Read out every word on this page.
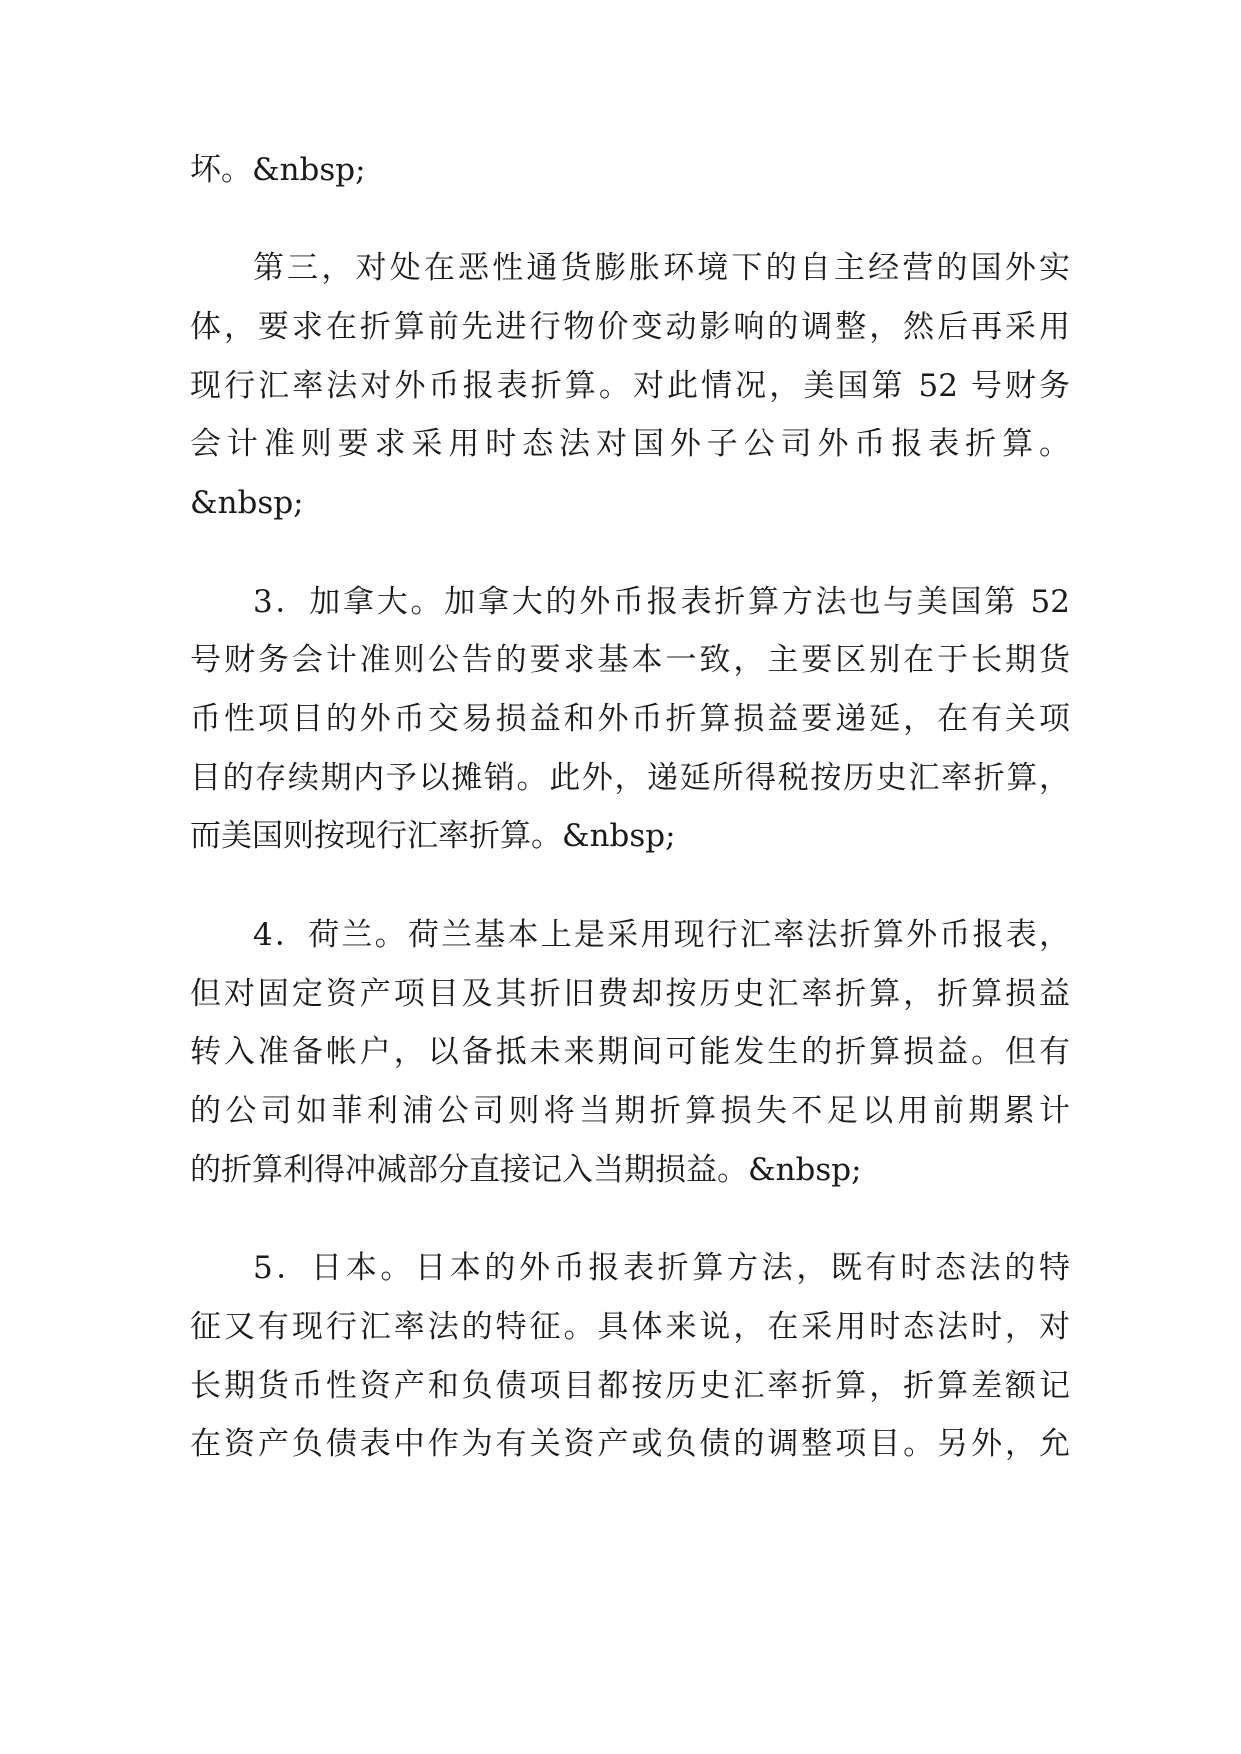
坏。&nbsp;
第三，对处在恶性通货膨胀环境下的自主经营的国外实
体，要求在折算前先进行物价变动影响的调整，然后再采用
现行汇率法对外币报表折算。对此情况，美国第 52 号财务
会计准则要求采用时态法对国外子公司外币报表折算。
&nbsp;
3．加拿大。加拿大的外币报表折算方法也与美国第 52
号财务会计准则公告的要求基本一致，主要区别在于长期货
币性项目的外币交易损益和外币折算损益要递延，在有关项
目的存续期内予以摊销。此外，递延所得税按历史汇率折算，
而美国则按现行汇率折算。&nbsp;
4．荷兰。荷兰基本上是采用现行汇率法折算外币报表，
但对固定资产项目及其折旧费却按历史汇率折算，折算损益
转入准备帐户，以备抵未来期间可能发生的折算损益。但有
的公司如菲利浦公司则将当期折算损失不足以用前期累计
的折算利得冲减部分直接记入当期损益。&nbsp;
5．日本。日本的外币报表折算方法，既有时态法的特
征又有现行汇率法的特征。具体来说，在采用时态法时，对
长期货币性资产和负债项目都按历史汇率折算，折算差额记
在资产负债表中作为有关资产或负债的调整项目。另外，允
